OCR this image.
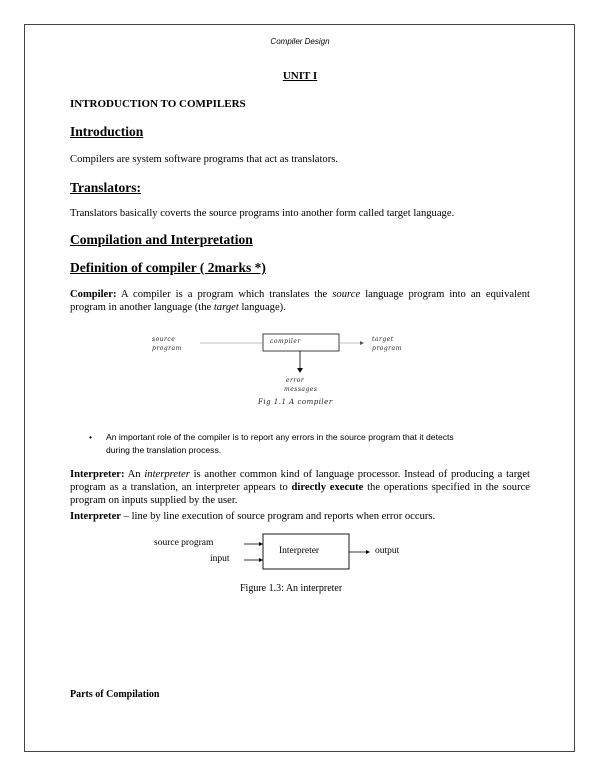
Compiler Design
UNIT I
INTRODUCTION TO COMPILERS
Introduction
Compilers are system software programs that act as translators.
Translators:
Translators basically coverts the source programs into another form called target language.
Compilation and Interpretation
Definition of compiler ( 2marks *)
Compiler: A compiler is a program which translates the source language program into an equivalent program in another language (the target language).
source
program
compiler	target
program
error
messages
Fig 1.1 A compiler
• An important role of the compiler is to report any errors in the source program that it detects
during the translation process.
Interpreter: An interpreter is another common kind of language processor. Instead of producing a target program as a translation, an interpreter appears to directly execute the operations specified in the source program on inputs supplied by the user.
Interpreter – line by line execution of source program and reports when error occurs.
source program
input
Interpreter	output
Figure 1.3: An interpreter
Parts of Compilation
